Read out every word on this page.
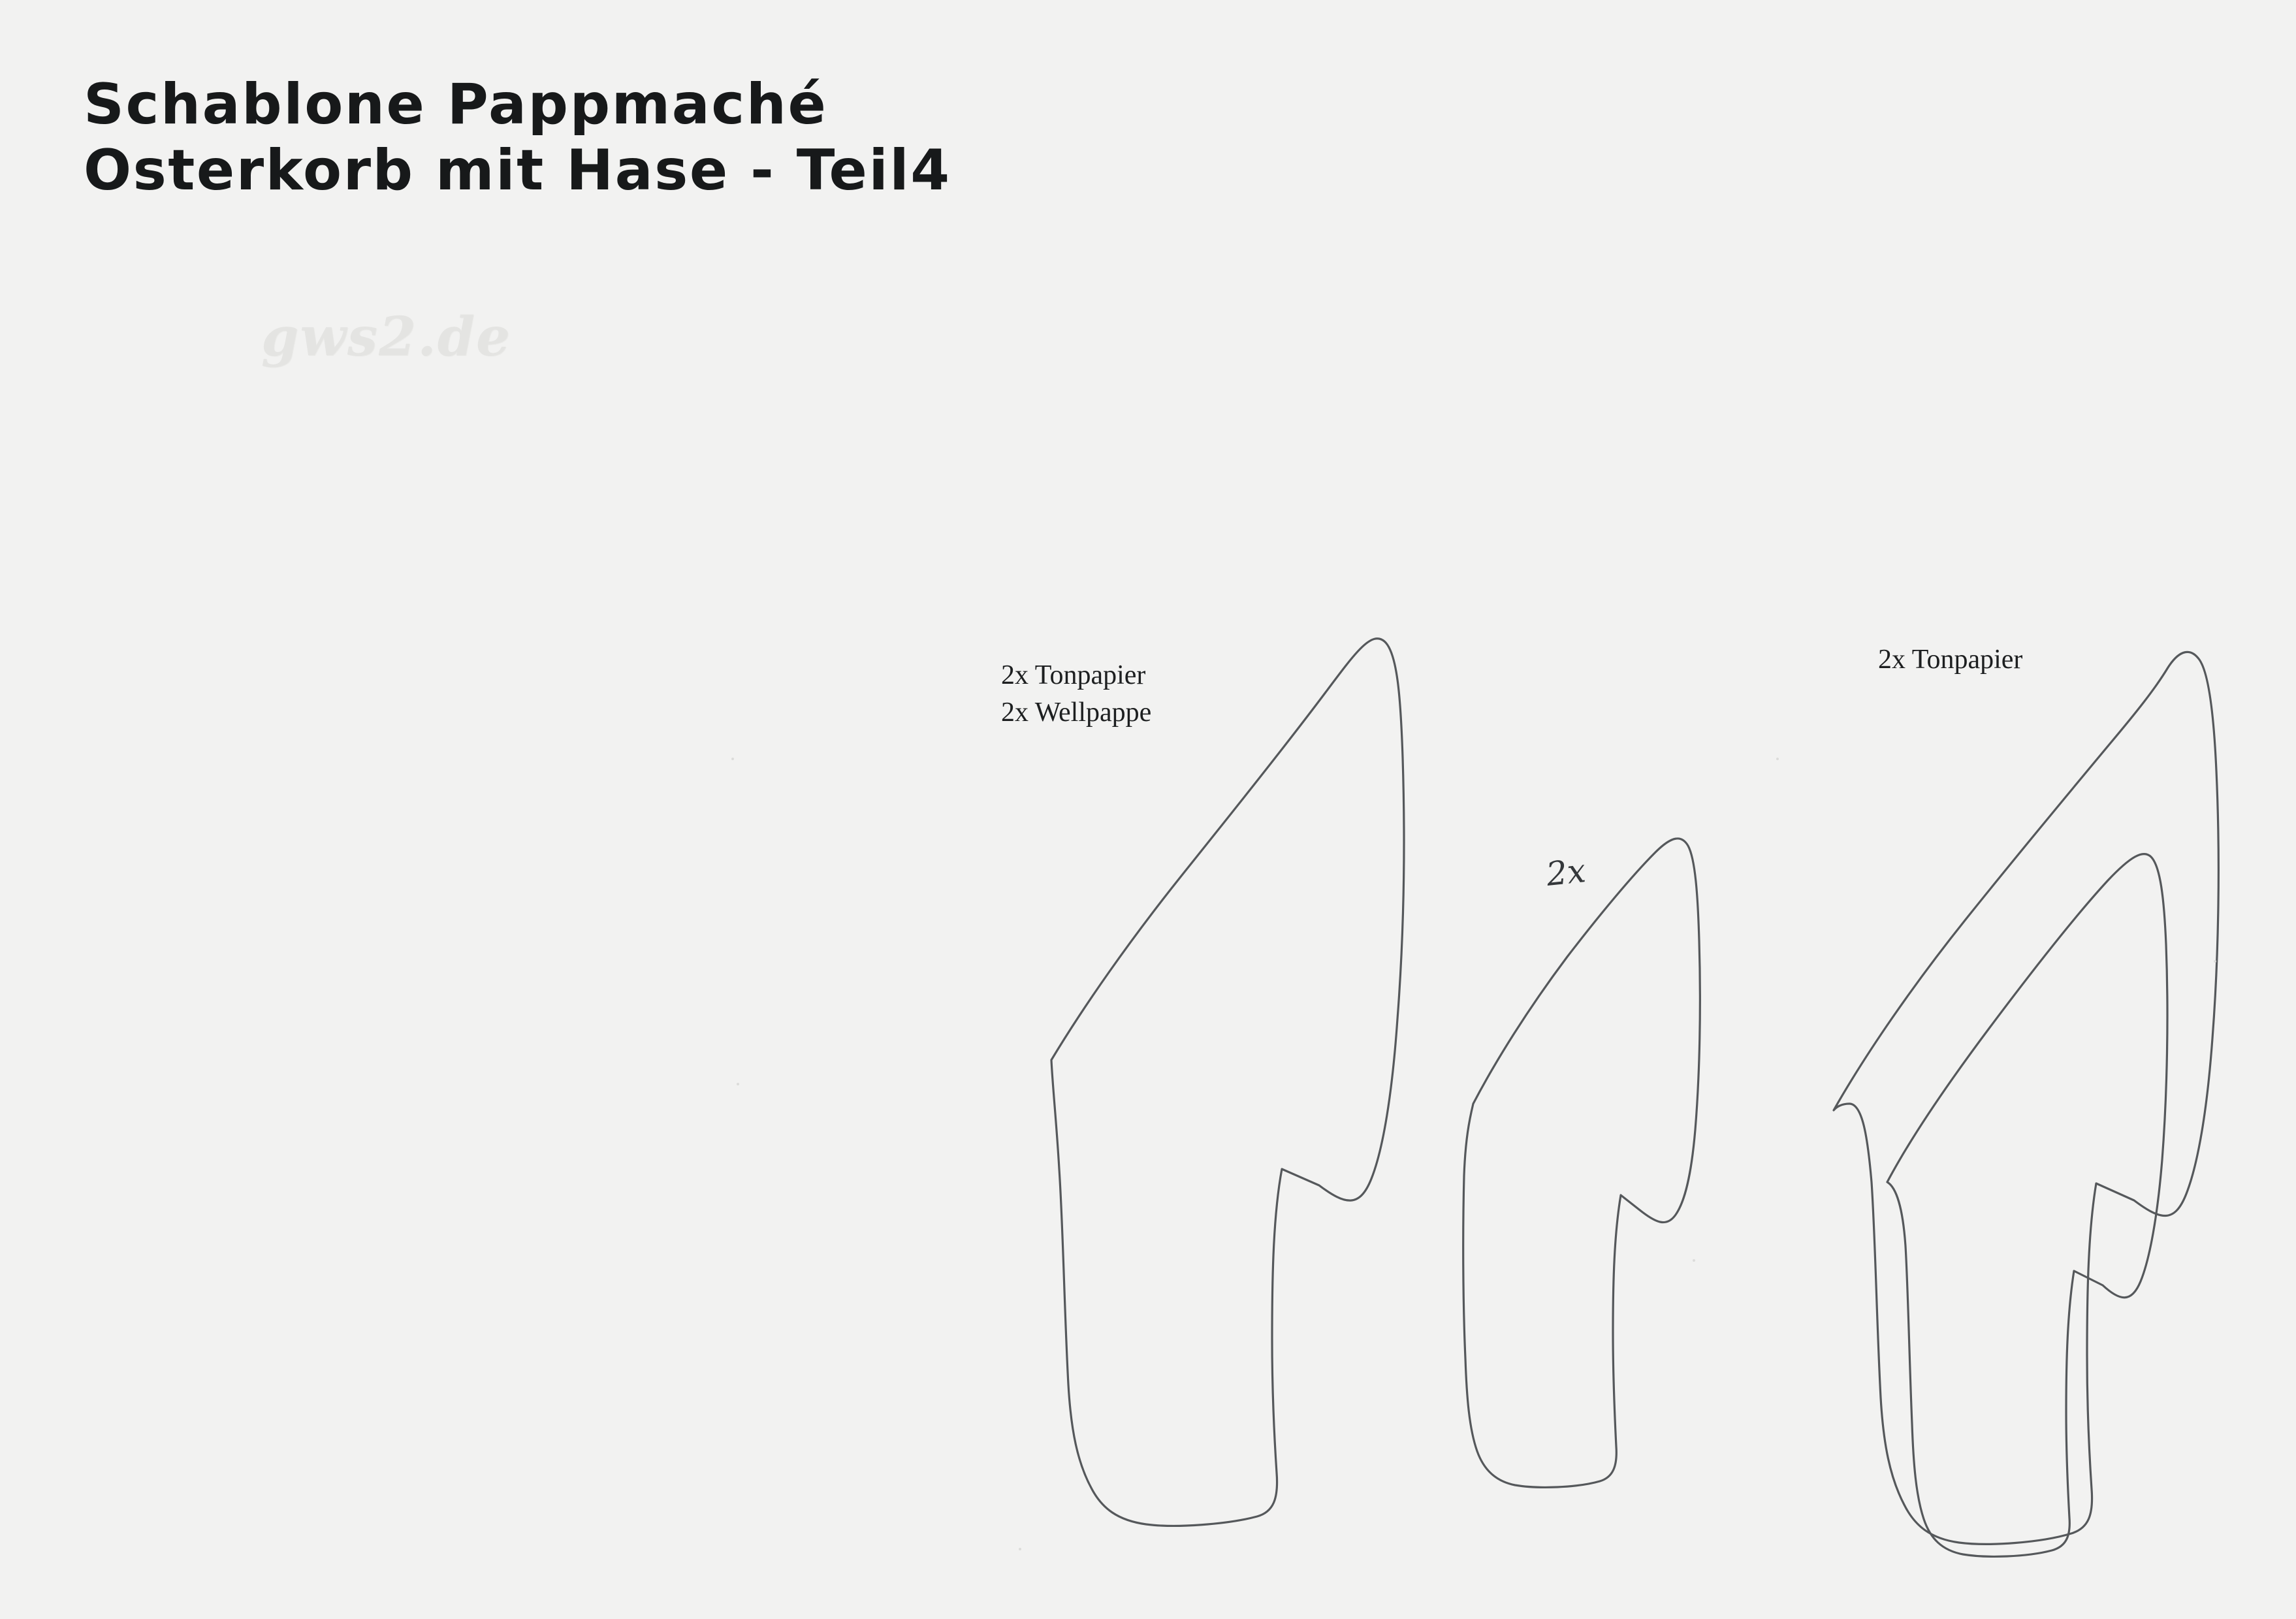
Schablone Pappmaché
Osterkorb mit Hase - Teil4
gws2.de
2x Tonpapier
2x Wellpappe
2x Tonpapier
2x
